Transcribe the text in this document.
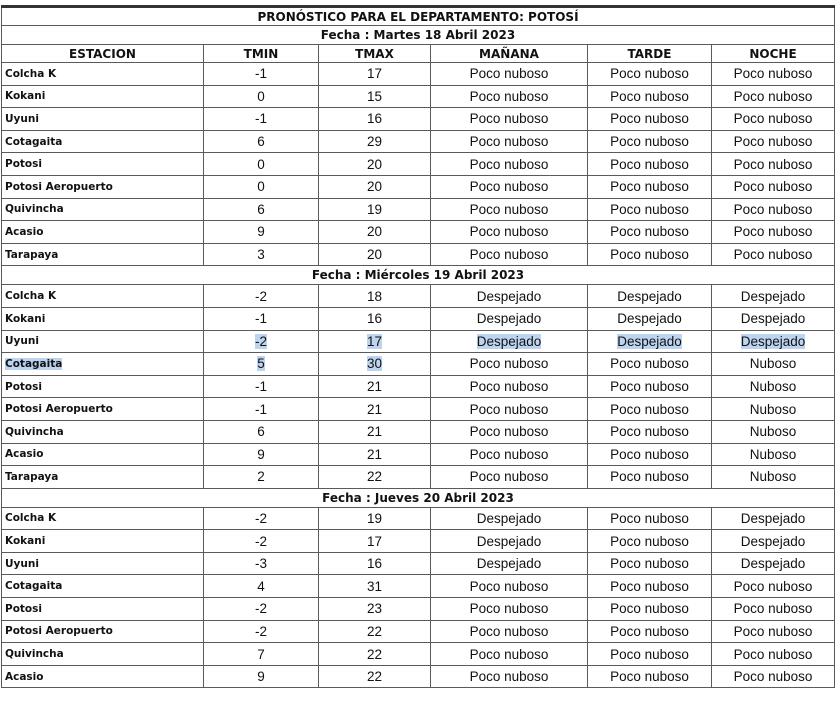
PRONÓSTICO PARA EL DEPARTAMENTO: POTOSÍ					
Fecha : Martes 18 Abril 2023					
ESTACION	TMIN	TMAX	MAÑANA	TARDE	NOCHE
Colcha K	-1	17	Poco nuboso	Poco nuboso	Poco nuboso
Kokani	0	15	Poco nuboso	Poco nuboso	Poco nuboso
Uyuni	-1	16	Poco nuboso	Poco nuboso	Poco nuboso
Cotagaita	6	29	Poco nuboso	Poco nuboso	Poco nuboso
Potosi	0	20	Poco nuboso	Poco nuboso	Poco nuboso
Potosi Aeropuerto	0	20	Poco nuboso	Poco nuboso	Poco nuboso
Quivincha	6	19	Poco nuboso	Poco nuboso	Poco nuboso
Acasio	9	20	Poco nuboso	Poco nuboso	Poco nuboso
Tarapaya	3	20	Poco nuboso	Poco nuboso	Poco nuboso
Fecha : Miércoles 19 Abril 2023					
Colcha K	-2	18	Despejado	Despejado	Despejado
Kokani	-1	16	Despejado	Despejado	Despejado
Uyuni	-2	17	Despejado	Despejado	Despejado
Cotagaita	5	30	Poco nuboso	Poco nuboso	Nuboso
Potosi	-1	21	Poco nuboso	Poco nuboso	Nuboso
Potosi Aeropuerto	-1	21	Poco nuboso	Poco nuboso	Nuboso
Quivincha	6	21	Poco nuboso	Poco nuboso	Nuboso
Acasio	9	21	Poco nuboso	Poco nuboso	Nuboso
Tarapaya	2	22	Poco nuboso	Poco nuboso	Nuboso
Fecha : Jueves 20 Abril 2023					
Colcha K	-2	19	Despejado	Poco nuboso	Despejado
Kokani	-2	17	Despejado	Poco nuboso	Despejado
Uyuni	-3	16	Despejado	Poco nuboso	Despejado
Cotagaita	4	31	Poco nuboso	Poco nuboso	Poco nuboso
Potosi	-2	23	Poco nuboso	Poco nuboso	Poco nuboso
Potosi Aeropuerto	-2	22	Poco nuboso	Poco nuboso	Poco nuboso
Quivincha	7	22	Poco nuboso	Poco nuboso	Poco nuboso
Acasio	9	22	Poco nuboso	Poco nuboso	Poco nuboso
